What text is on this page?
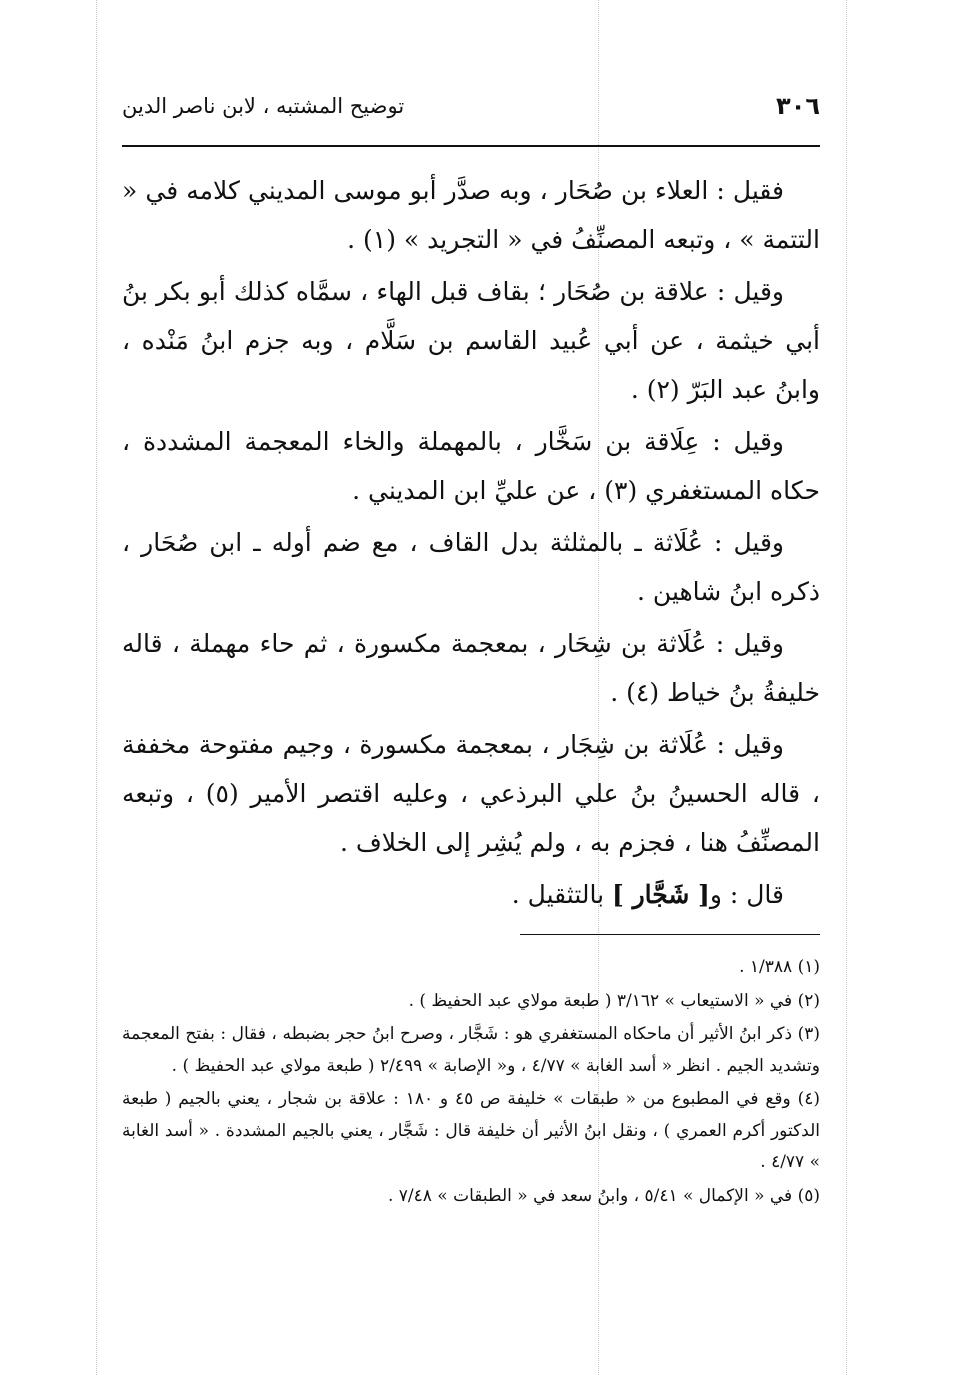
٣٠٦
توضيح المشتبه ، لابن ناصر الدين

فقيل : العلاء بن صُحَار ، وبه صدَّر أبو موسى المديني كلامه في « التتمة » ، وتبعه المصنِّفُ في « التجريد » (١) .

وقيل : علاقة بن صُحَار ؛ بقاف قبل الهاء ، سمَّاه كذلك أبو بكر بنُ أبي خيثمة ، عن أبي عُبيد القاسم بن سَلَّام ، وبه جزم ابنُ مَنْده ، وابنُ عبد البَرّ (٢) .

وقيل : عِلَاقة بن سَخَّار ، بالمهملة والخاء المعجمة المشددة ، حكاه المستغفري (٣) ، عن عليِّ ابن المديني .

وقيل : عُلَاثة ـ بالمثلثة بدل القاف ، مع ضم أوله ـ ابن صُحَار ، ذكره ابنُ شاهين .

وقيل : عُلَاثة بن شِحَار ، بمعجمة مكسورة ، ثم حاء مهملة ، قاله خليفةُ بنُ خياط (٤) .

وقيل : عُلَاثة بن شِجَار ، بمعجمة مكسورة ، وجيم مفتوحة مخففة ، قاله الحسينُ بنُ علي البرذعي ، وعليه اقتصر الأمير (٥) ، وتبعه المصنِّفُ هنا ، فجزم به ، ولم يُشِر إلى الخلاف .

قال : و[ شَجَّار ] بالتثقيل .

(١) ١/٣٨٨ .
(٢) في « الاستيعاب » ٣/١٦٢ ( طبعة مولاي عبد الحفيظ ) .
(٣) ذكر ابنُ الأثير أن ماحكاه المستغفري هو : شَجَّار ، وصرح ابنُ حجر بضبطه ، فقال : بفتح المعجمة وتشديد الجيم . انظر « أسد الغابة » ٤/٧٧ ، و« الإصابة » ٢/٤٩٩ ( طبعة مولاي عبد الحفيظ ) .
(٤) وقع في المطبوع من « طبقات » خليفة ص ٤٥ و ١٨٠ : علاقة بن شجار ، يعني بالجيم ( طبعة الدكتور أكرم العمري ) ، ونقل ابنُ الأثير أن خليفة قال : شَجَّار ، يعني بالجيم المشددة . « أسد الغابة » ٤/٧٧ .
(٥) في « الإكمال » ٥/٤١ ، وابنُ سعد في « الطبقات » ٧/٤٨ .
